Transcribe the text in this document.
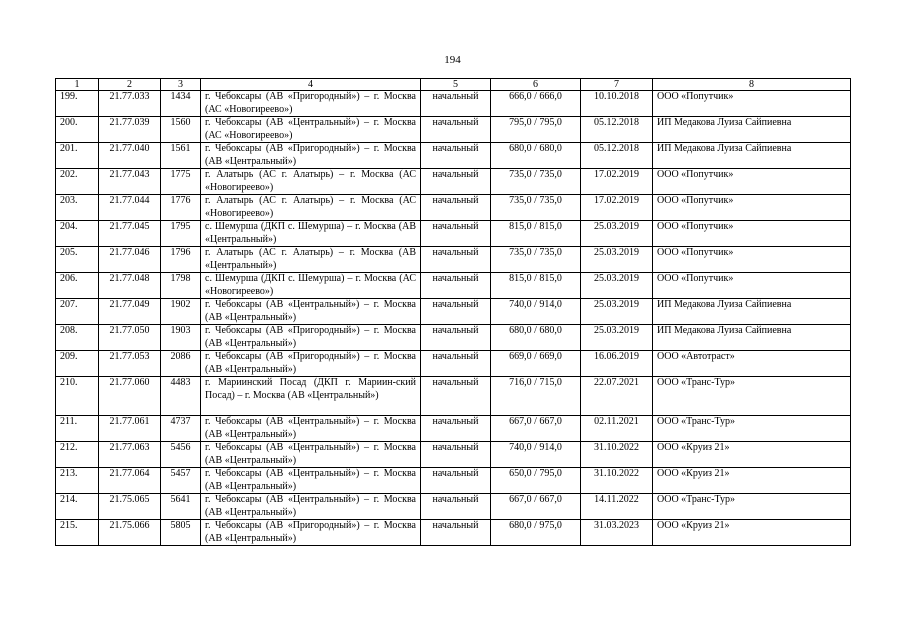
194
1	2	3	4	5	6	7	8
199.	21.77.033	1434	г. Чебоксары (АВ «Пригородный») – г. Москва (АС «Новогиреево»)	начальный	666,0 / 666,0	10.10.2018	ООО «Попутчик»
200.	21.77.039	1560	г. Чебоксары (АВ «Центральный») – г. Москва (АС «Новогиреево»)	начальный	795,0 / 795,0	05.12.2018	ИП Медакова Луиза Сайпиевна
201.	21.77.040	1561	г. Чебоксары (АВ «Пригородный») – г. Москва (АВ «Центральный»)	начальный	680,0 / 680,0	05.12.2018	ИП Медакова Луиза Сайпиевна
202.	21.77.043	1775	г. Алатырь (АС г. Алатырь) – г. Москва (АС «Новогиреево»)	начальный	735,0 / 735,0	17.02.2019	ООО «Попутчик»
203.	21.77.044	1776	г. Алатырь (АС г. Алатырь) – г. Москва (АС «Новогиреево»)	начальный	735,0 / 735,0	17.02.2019	ООО «Попутчик»
204.	21.77.045	1795	с. Шемурша (ДКП с. Шемурша) – г. Москва (АВ «Центральный»)	начальный	815,0 / 815,0	25.03.2019	ООО «Попутчик»
205.	21.77.046	1796	г. Алатырь (АС г. Алатырь) – г. Москва (АВ «Центральный»)	начальный	735,0 / 735,0	25.03.2019	ООО «Попутчик»
206.	21.77.048	1798	с. Шемурша (ДКП с. Шемурша) – г. Москва (АС «Новогиреево»)	начальный	815,0 / 815,0	25.03.2019	ООО «Попутчик»
207.	21.77.049	1902	г. Чебоксары (АВ «Центральный») – г. Москва (АВ «Центральный»)	начальный	740,0 / 914,0	25.03.2019	ИП Медакова Луиза Сайпиевна
208.	21.77.050	1903	г. Чебоксары (АВ «Пригородный») – г. Москва (АВ «Центральный»)	начальный	680,0 / 680,0	25.03.2019	ИП Медакова Луиза Сайпиевна
209.	21.77.053	2086	г. Чебоксары (АВ «Пригородный») – г. Москва (АВ «Центральный»)	начальный	669,0 / 669,0	16.06.2019	ООО «Автотраст»
210.	21.77.060	4483	г. Мариинский Посад (ДКП г. Мариин-ский Посад) – г. Москва (АВ «Центральный»)	начальный	716,0 / 715,0	22.07.2021	ООО «Транс-Тур»
211.	21.77.061	4737	г. Чебоксары (АВ «Центральный») – г. Москва (АВ «Центральный»)	начальный	667,0 / 667,0	02.11.2021	ООО «Транс-Тур»
212.	21.77.063	5456	г. Чебоксары (АВ «Центральный») – г. Москва (АВ «Центральный»)	начальный	740,0 / 914,0	31.10.2022	ООО «Круиз 21»
213.	21.77.064	5457	г. Чебоксары (АВ «Центральный») – г. Москва (АВ «Центральный»)	начальный	650,0 / 795,0	31.10.2022	ООО «Круиз 21»
214.	21.75.065	5641	г. Чебоксары (АВ «Центральный») – г. Москва (АВ «Центральный»)	начальный	667,0 / 667,0	14.11.2022	ООО «Транс-Тур»
215.	21.75.066	5805	г. Чебоксары (АВ «Пригородный») – г. Москва (АВ «Центральный»)	начальный	680,0 / 975,0	31.03.2023	ООО «Круиз 21»
